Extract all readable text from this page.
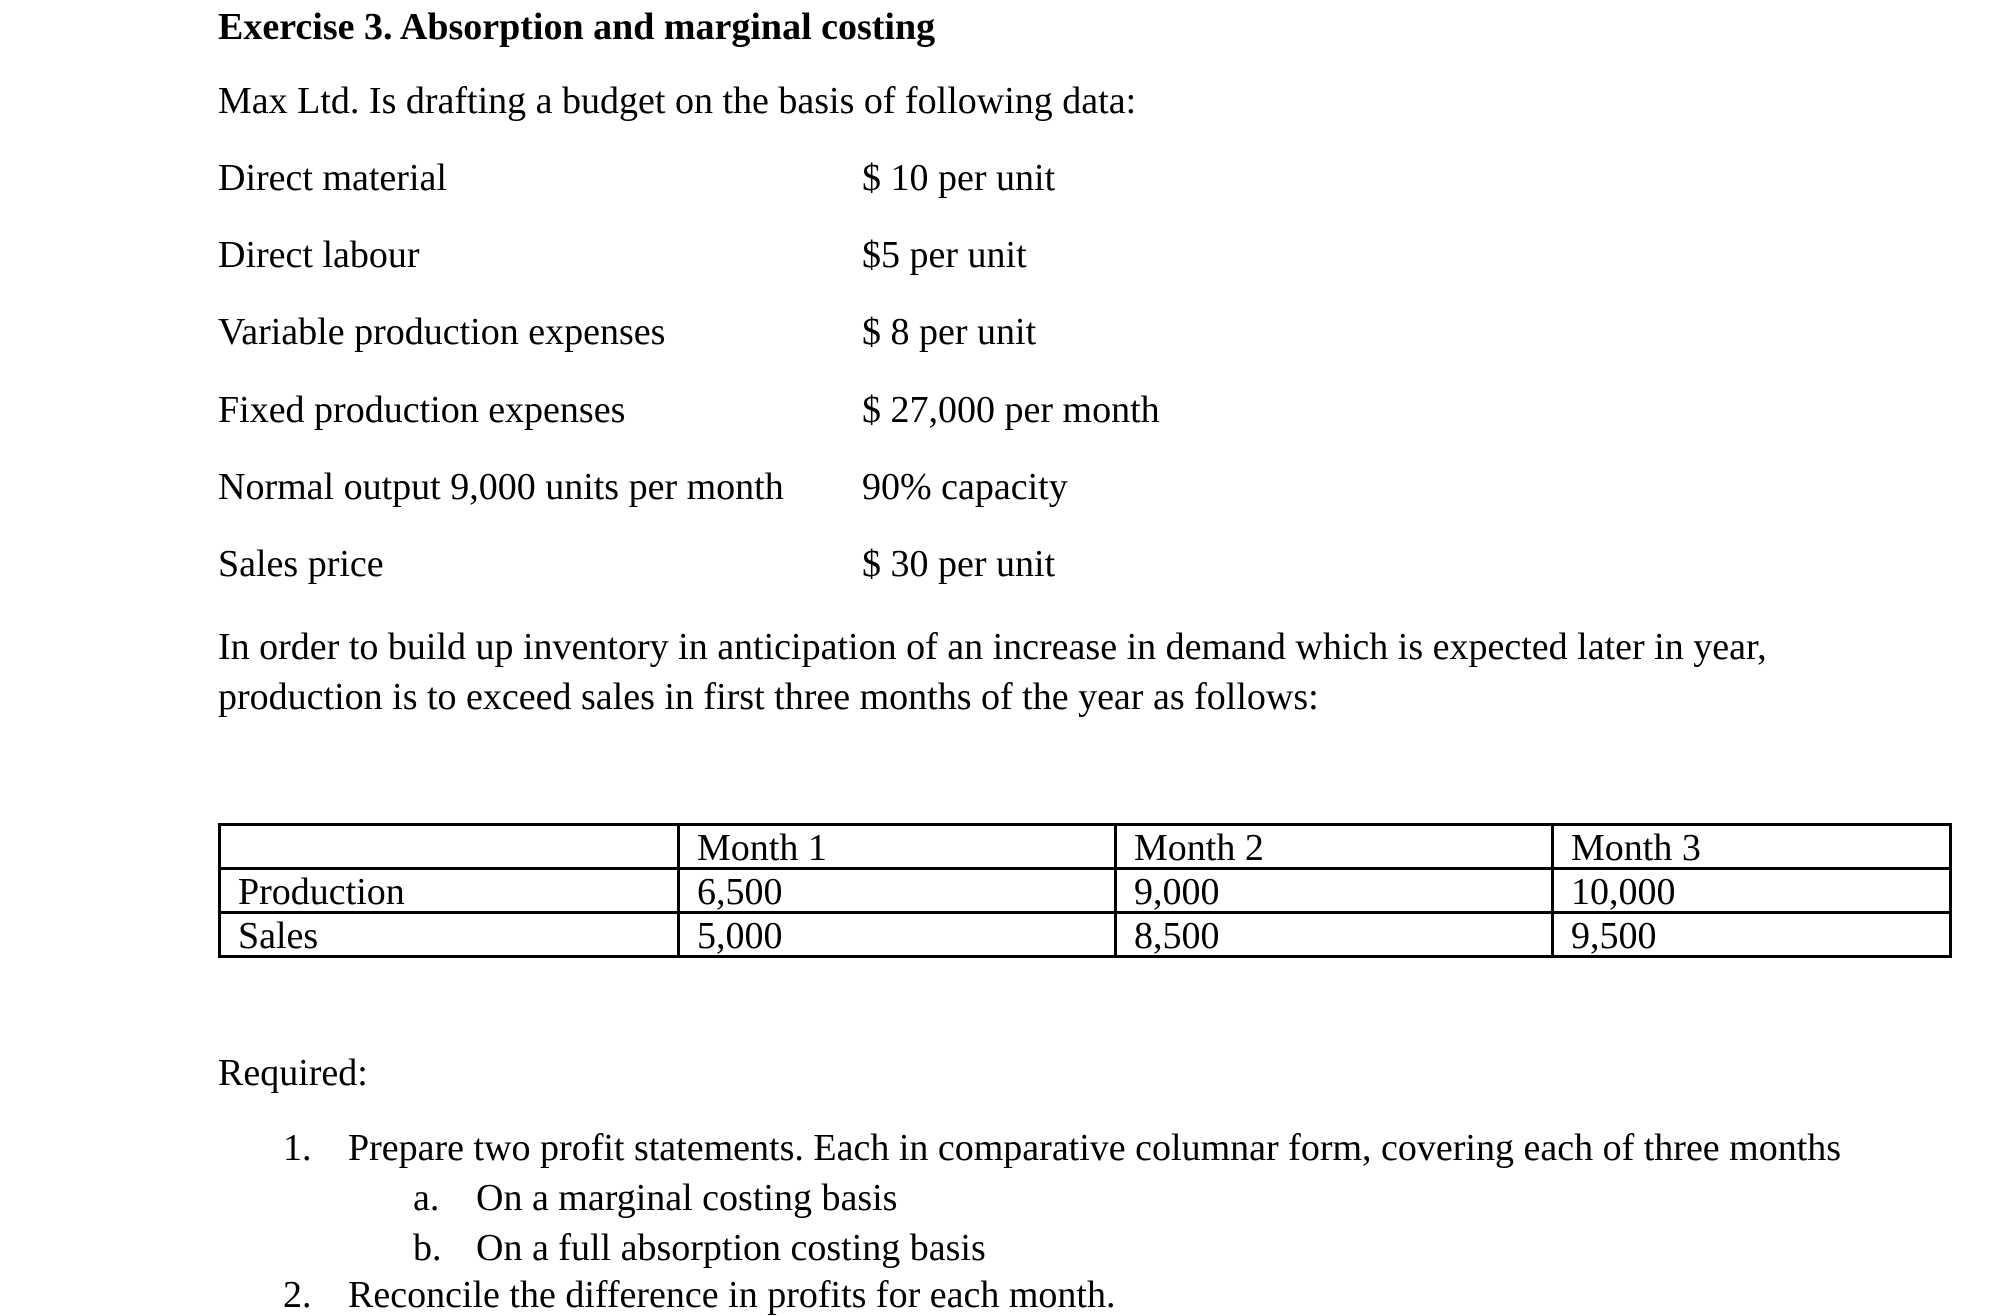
Exercise 3. Absorption and marginal costing
Max Ltd. Is drafting a budget on the basis of following data:
Direct material	$ 10 per unit
Direct labour	$5 per unit
Variable production expenses	$ 8 per unit
Fixed production expenses	$ 27,000 per month
Normal output 9,000 units per month 90% capacity
Sales price	$ 30 per unit
In order to build up inventory in anticipation of an increase in demand which is expected later in year, production is to exceed sales in first three months of the year as follows:
	Month 1	Month 2	Month 3
Production	6,500	9,000	10,000
Sales	5,000	8,500	9,500
Required:
1. Prepare two profit statements. Each in comparative columnar form, covering each of three months
a. On a marginal costing basis
b. On a full absorption costing basis
2. Reconcile the difference in profits for each month.
